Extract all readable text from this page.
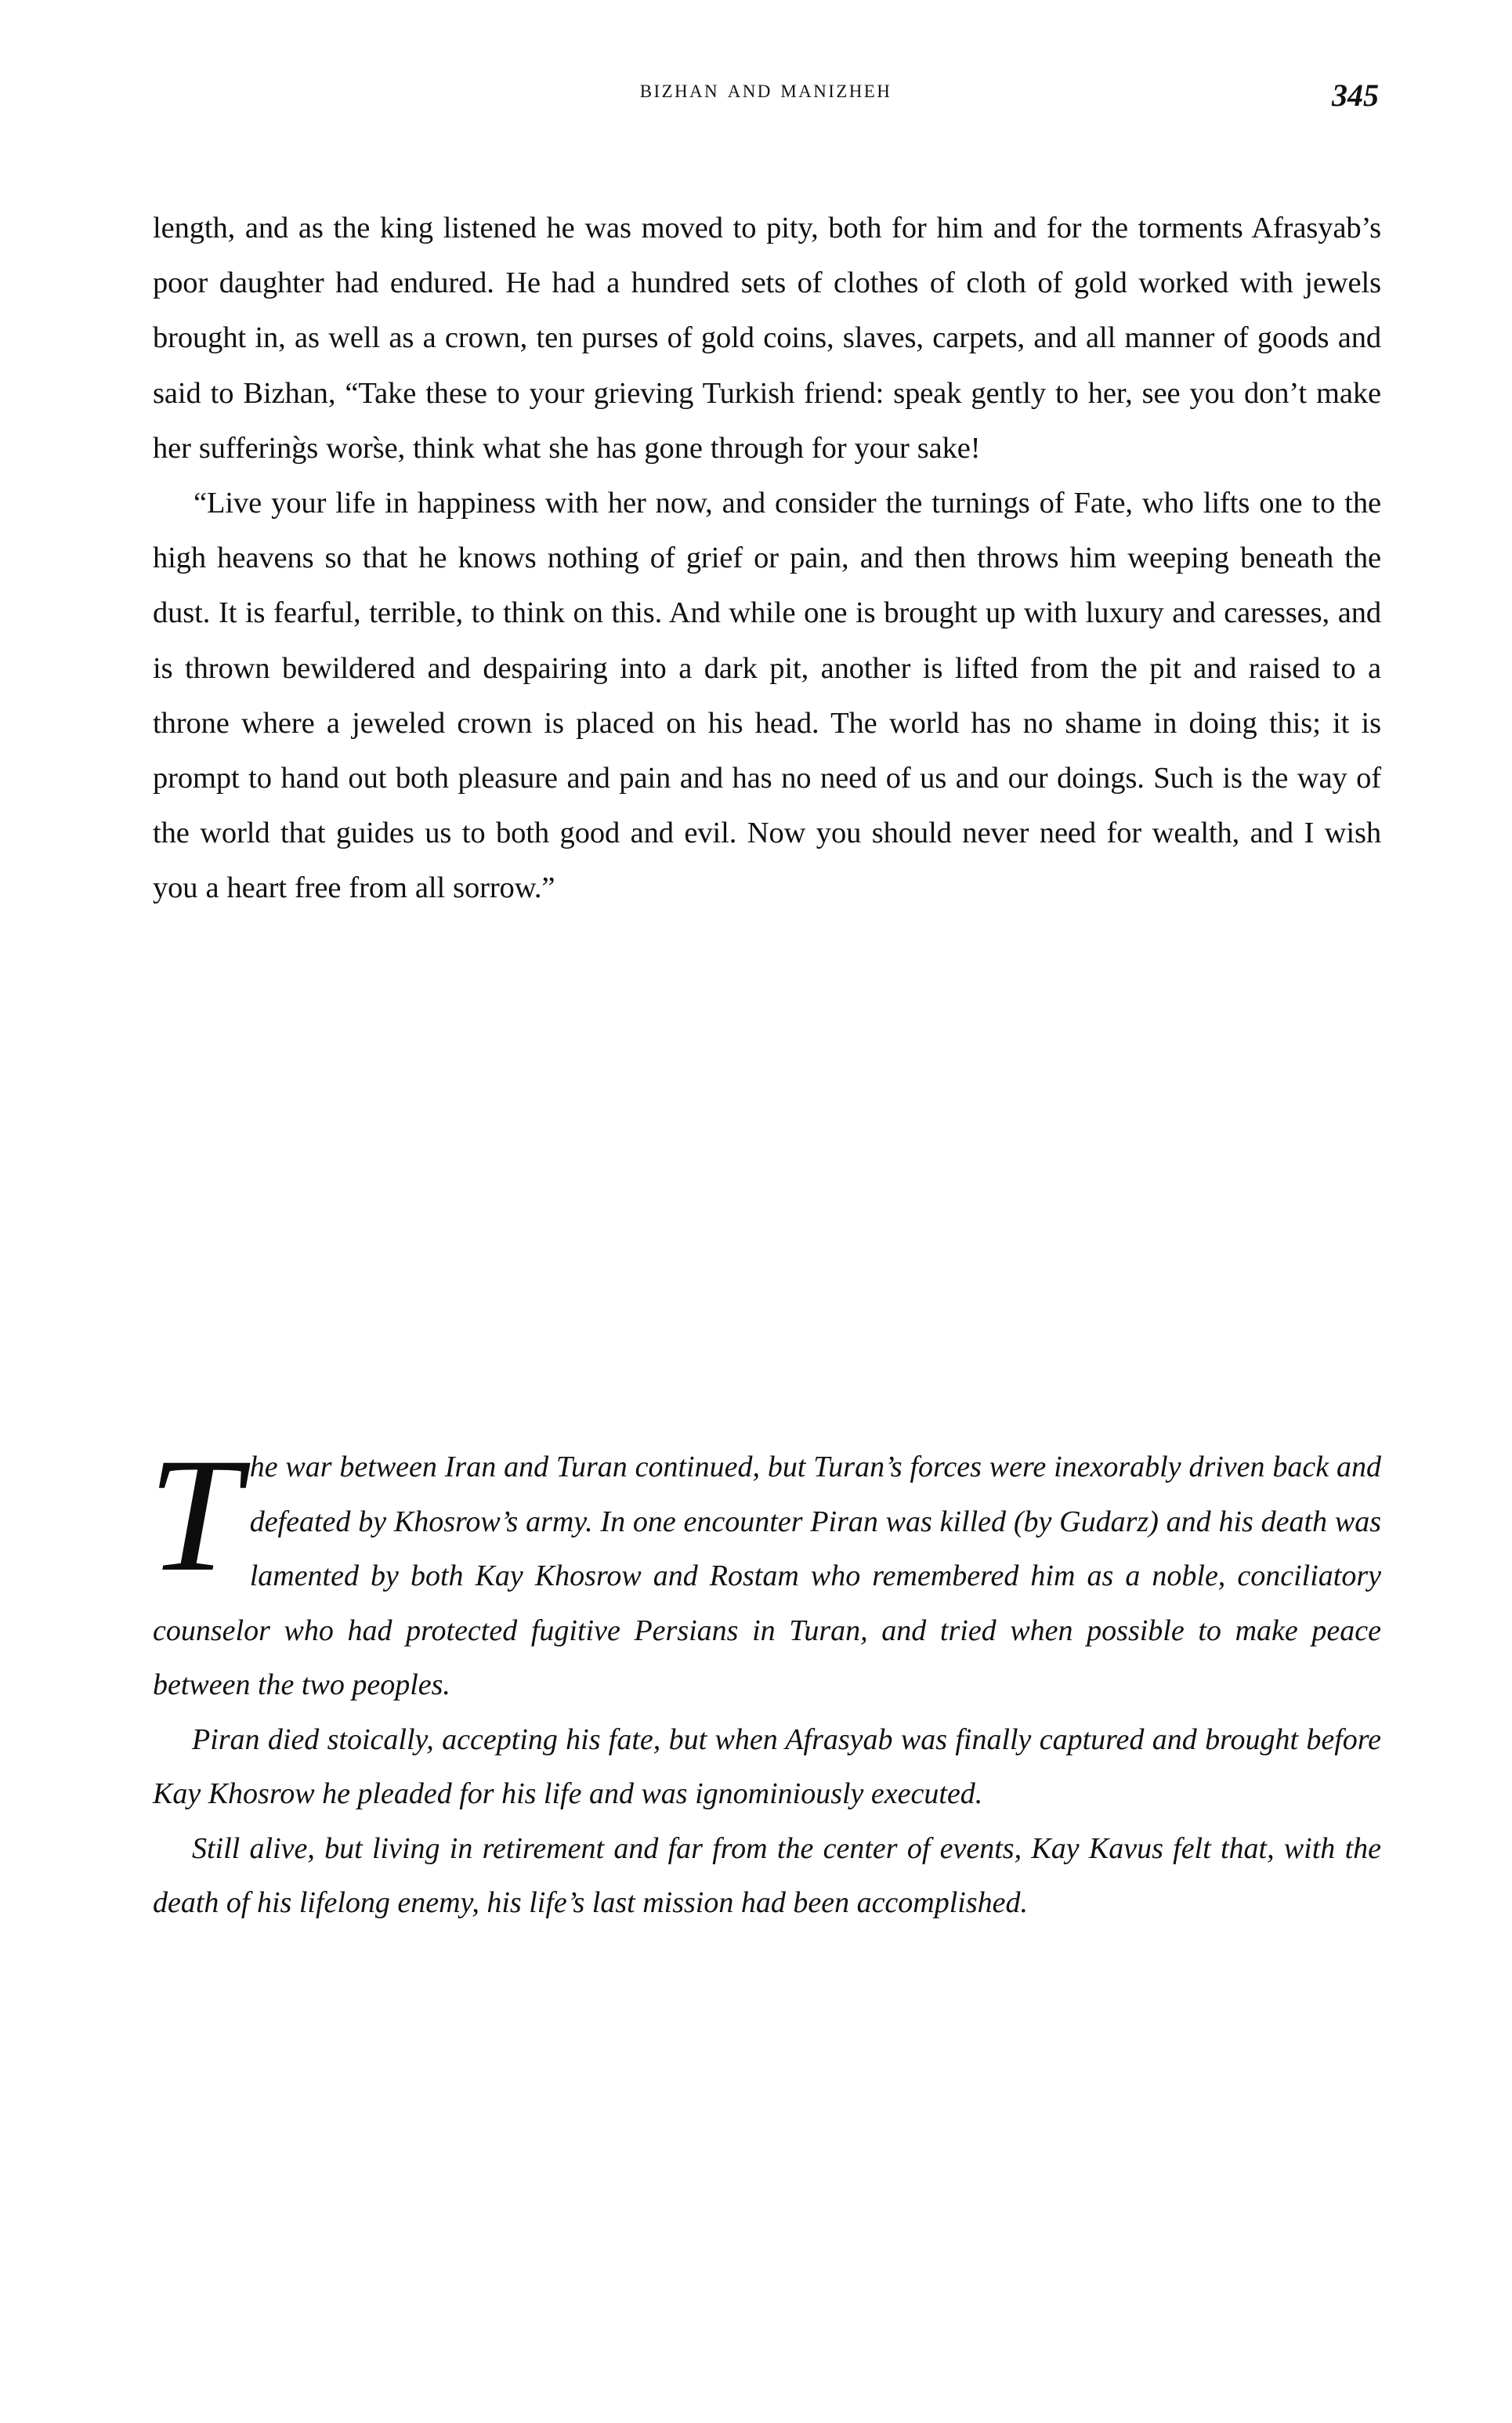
bizhan and manizheh	345

length, and as the king listened he was moved to pity, both for him and for the torments Afrasyab’s poor daughter had endured. He had a hundred sets of clothes of cloth of gold worked with jewels brought in, as well as a crown, ten purses of gold coins, slaves, carpets, and all manner of goods and said to Bizhan, “Take these to your grieving Turkish friend: speak gently to her, see you don’t make her suffering̀s wors̀e, think what she has gone through for your sake!

“Live your life in happiness with her now, and consider the turnings of Fate, who lifts one to the high heavens so that he knows nothing of grief or pain, and then throws him weeping beneath the dust. It is fearful, terrible, to think on this. And while one is brought up with luxury and caresses, and is thrown bewildered and despairing into a dark pit, another is lifted from the pit and raised to a throne where a jeweled crown is placed on his head. The world has no shame in doing this; it is prompt to hand out both pleasure and pain and has no need of us and our doings. Such is the way of the world that guides us to both good and evil. Now you should never need for wealth, and I wish you a heart free from all sorrow.”

The war between Iran and Turan continued, but Turan’s forces were inexorably driven back and defeated by Khosrow’s army. In one encounter Piran was killed (by Gudarz) and his death was lamented by both Kay Khosrow and Rostam who remembered him as a noble, conciliatory counselor who had protected fugitive Persians in Turan, and tried when possible to make peace between the two peoples.

Piran died stoically, accepting his fate, but when Afrasyab was finally captured and brought before Kay Khosrow he pleaded for his life and was ignominiously executed.

Still alive, but living in retirement and far from the center of events, Kay Kavus felt that, with the death of his lifelong enemy, his life’s last mission had been accomplished.
